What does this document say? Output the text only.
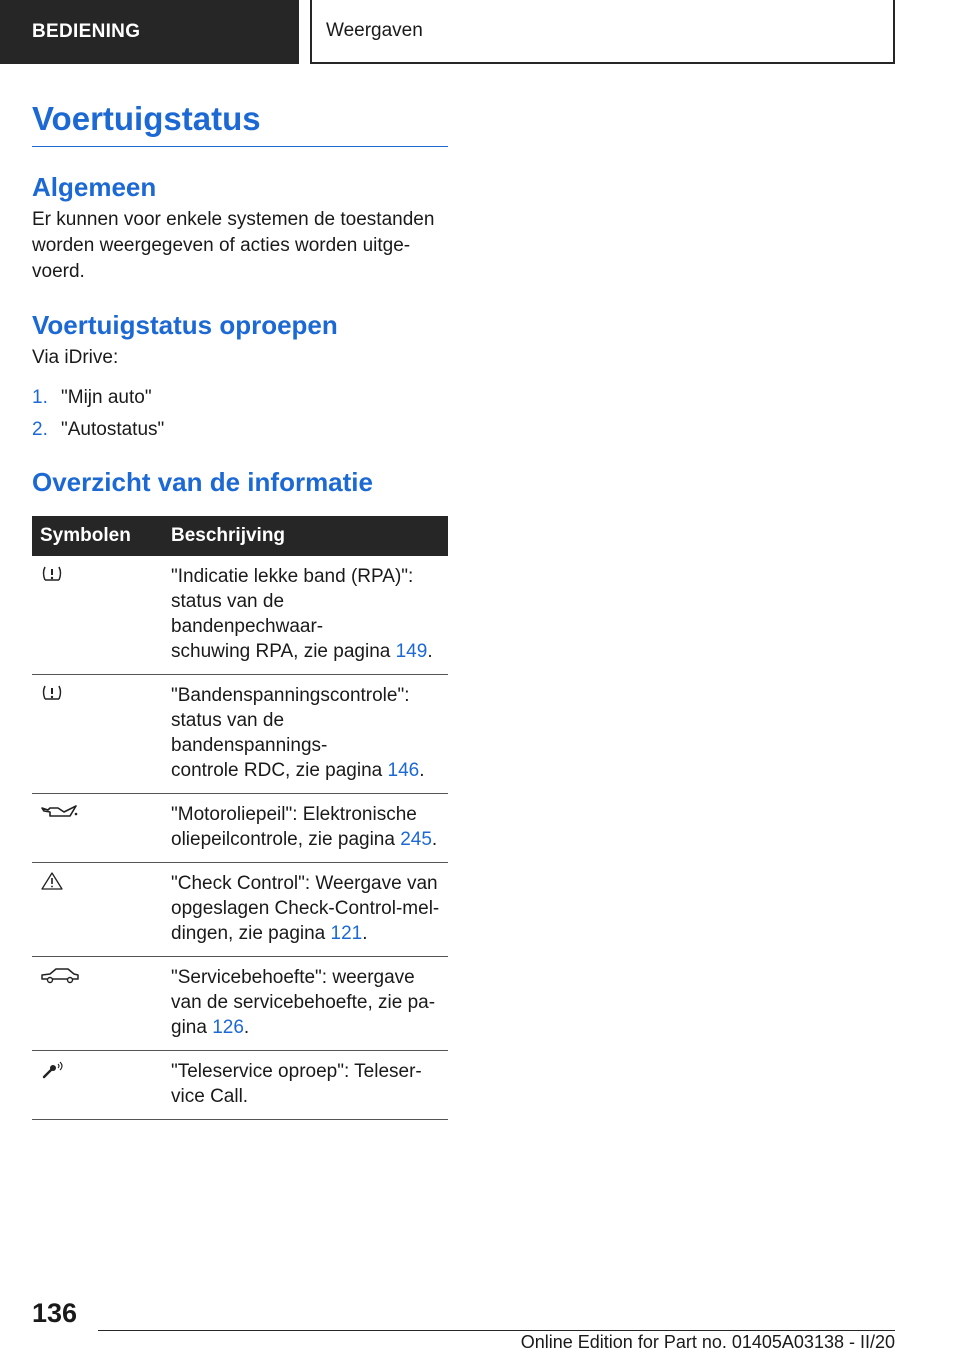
BEDIENING	Weergaven
Voertuigstatus
Algemeen

Er kunnen voor enkele systemen de toestanden
worden weergegeven of acties worden uitge-
voerd.

Voertuigstatus oproepen

Via iDrive:

1. "Mijn auto"
2. "Autostatus"
Overzicht van de informatie
Symbolen	Beschrijving

	"Indicatie lekke band (RPA)":
status van de bandenpechwaar-
schuwing RPA, zie pagina 149.

	"Bandenspanningscontrole":
status van de bandenspannings-
controle RDC, zie pagina 146.

	"Motoroliepeil": Elektronische
oliepeilcontrole, zie pagina 245.

	"Check Control": Weergave van
opgeslagen Check-Control-mel-
dingen, zie pagina 121.

	"Servicebehoefte": weergave
van de servicebehoefte, zie pa-
gina 126.

	"Teleservice oproep": Teleser-
vice Call.
136
Online Edition for Part no. 01405A03138 - II/20
